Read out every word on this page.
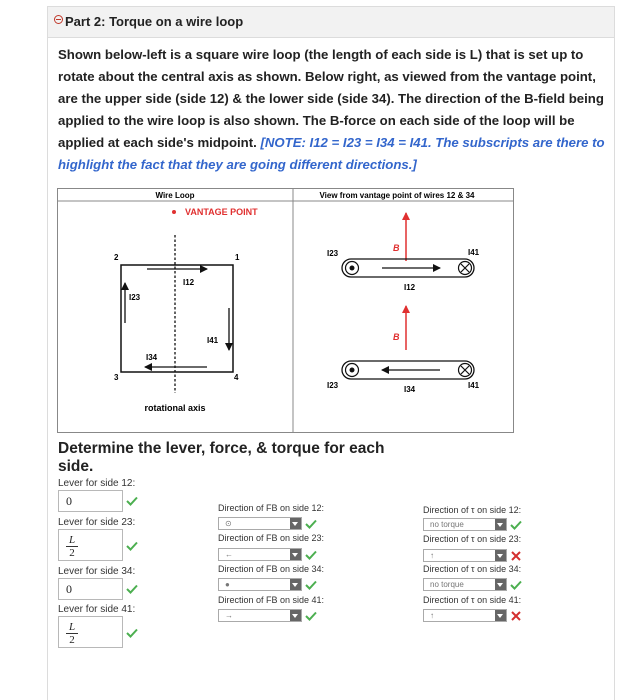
Part 2: Torque on a wire loop
Shown below-left is a square wire loop (the length of each side is L) that is set up to rotate about the central axis as shown. Below right, as viewed from the vantage point, are the upper side (side 12) & the lower side (side 34). The direction of the B-field being applied to the wire loop is also shown. The B-force on each side of the loop will be applied at each side's midpoint. [NOTE: I12 = I23 = I34 = I41. The subscripts are there to highlight the fact that they are going different directions.]
Wire Loop	View from vantage point of wires 12 & 34
VANTAGE POINT
2	1
3	4
I12
I23
I41
I34
rotational axis
B
I23	I41
I12
B
I23	I41
I34
Determine the lever, force, & torque for each side.
Lever for side 12:
0
Lever for side 23:
$\frac{L}{2}$
Lever for side 34:
0
Lever for side 41:
$\frac{L}{2}$
Direction of FB on side 12:
⊙
Direction of FB on side 23:
←
Direction of FB on side 34:
●
Direction of FB on side 41:
→
Direction of τ on side 12:
no torque
Direction of τ on side 23:
↑
Direction of τ on side 34:
no torque
Direction of τ on side 41:
↑
